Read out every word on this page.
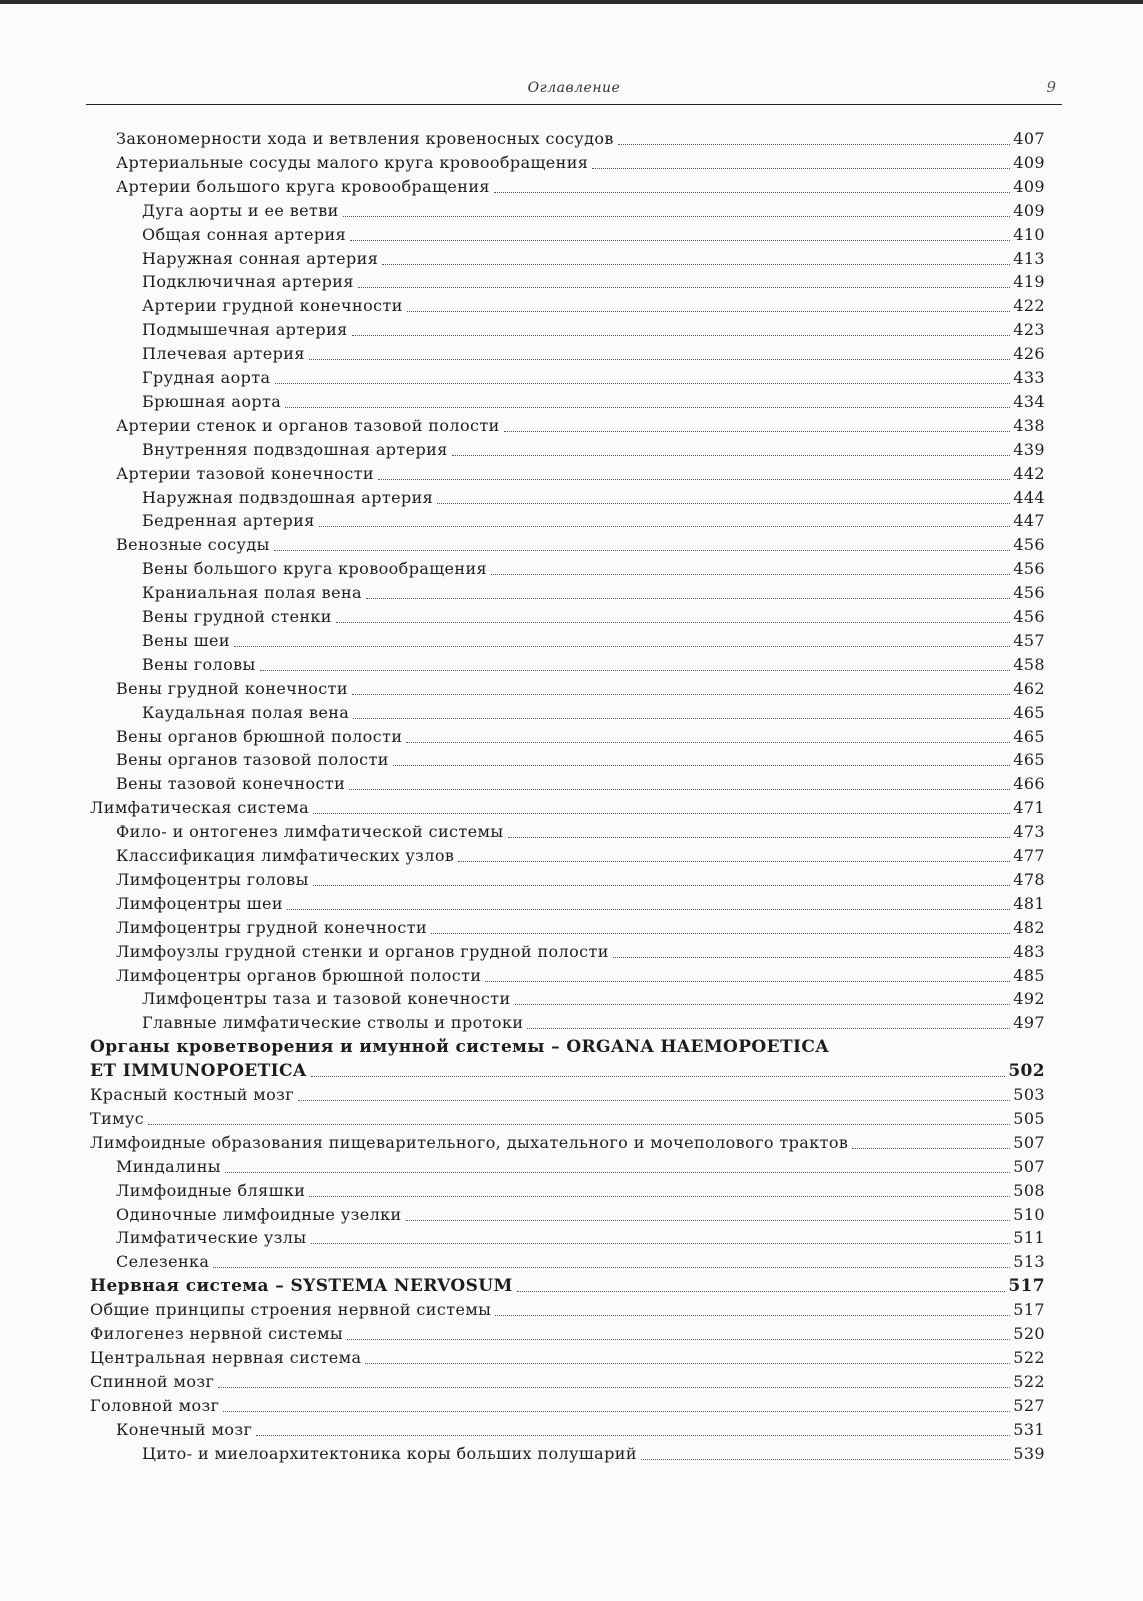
Оглавление	9
Закономерности хода и ветвления кровеносных сосудов	407
Артериальные сосуды малого круга кровообращения	409
Артерии большого круга кровообращения	409
Дуга аорты и ее ветви	409
Общая сонная артерия	410
Наружная сонная артерия	413
Подключичная артерия	419
Артерии грудной конечности	422
Подмышечная артерия	423
Плечевая артерия	426
Грудная аорта	433
Брюшная аорта	434
Артерии стенок и органов тазовой полости	438
Внутренняя подвздошная артерия	439
Артерии тазовой конечности	442
Наружная подвздошная артерия	444
Бедренная артерия	447
Венозные сосуды	456
Вены большого круга кровообращения	456
Краниальная полая вена	456
Вены грудной стенки	456
Вены шеи	457
Вены головы	458
Вены грудной конечности	462
Каудальная полая вена	465
Вены органов брюшной полости	465
Вены органов тазовой полости	465
Вены тазовой конечности	466
Лимфатическая система	471
Фило- и онтогенез лимфатической системы	473
Классификация лимфатических узлов	477
Лимфоцентры головы	478
Лимфоцентры шеи	481
Лимфоцентры грудной конечности	482
Лимфоузлы грудной стенки и органов грудной полости	483
Лимфоцентры органов брюшной полости	485
Лимфоцентры таза и тазовой конечности	492
Главные лимфатические стволы и протоки	497
Органы кроветворения и имунной системы – ORGANA HAEMOPOETICA
ET IMMUNOPOETICA	502
Красный костный мозг	503
Тимус	505
Лимфоидные образования пищеварительного, дыхательного и мочеполового трактов	507
Миндалины	507
Лимфоидные бляшки	508
Одиночные лимфоидные узелки	510
Лимфатические узлы	511
Селезенка	513
Нервная система – SYSTEMA NERVOSUM	517
Общие принципы строения нервной системы	517
Филогенез нервной системы	520
Центральная нервная система	522
Спинной мозг	522
Головной мозг	527
Конечный мозг	531
Цито- и миелоархитектоника коры больших полушарий	539
